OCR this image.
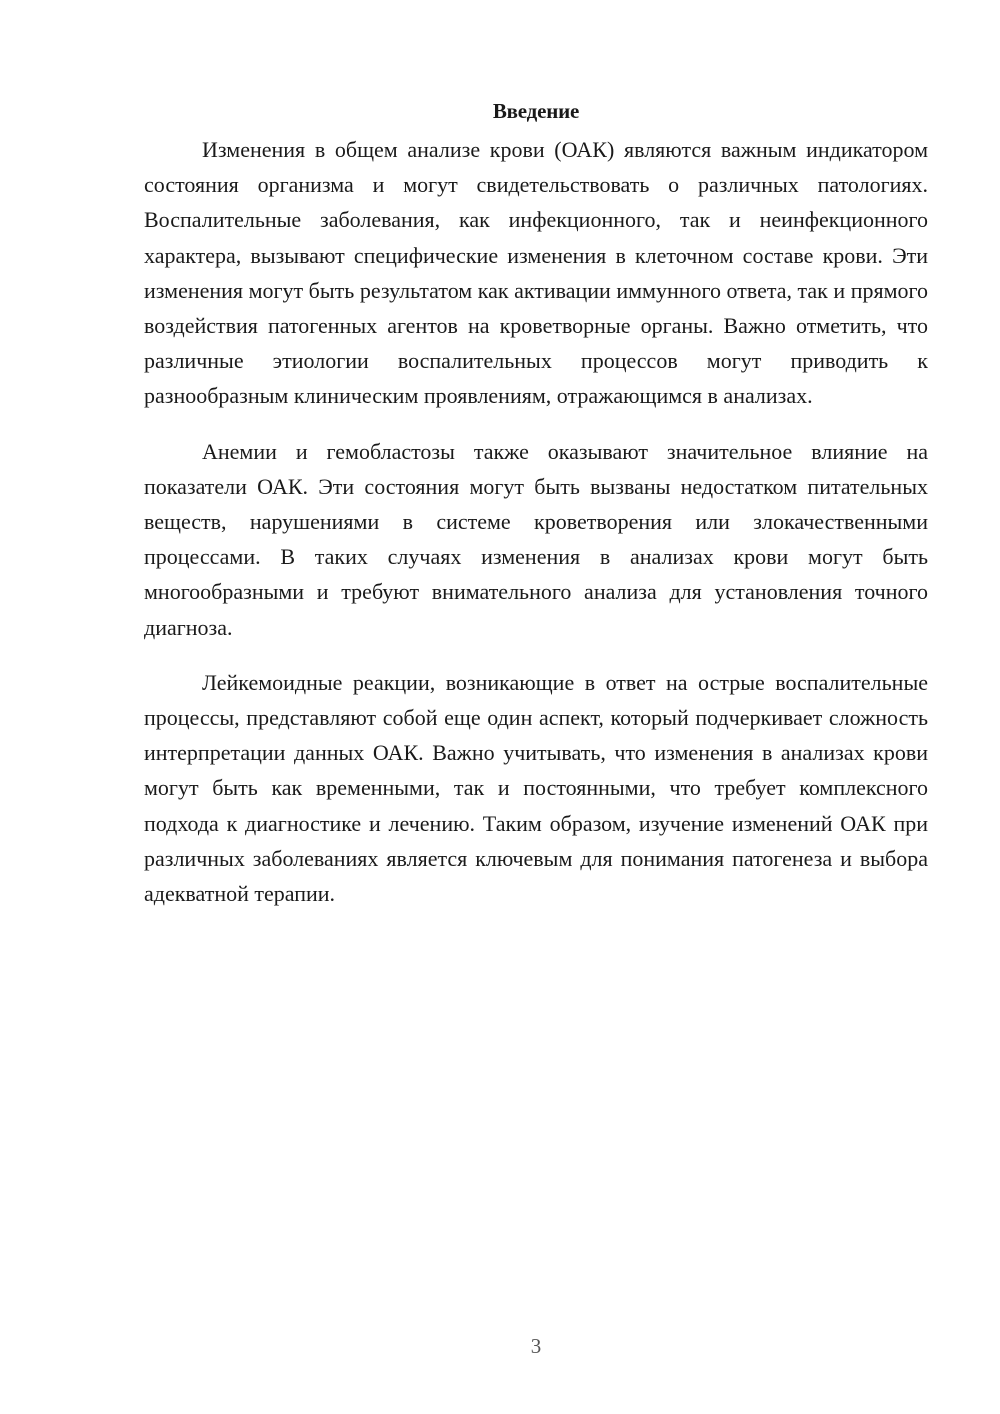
Введение

Изменения в общем анализе крови (ОАК) являются важным индикатором состояния организма и могут свидетельствовать о различных патологиях. Воспалительные заболевания, как инфекционного, так и неинфекционного характера, вызывают специфические изменения в клеточном составе крови. Эти изменения могут быть результатом как активации иммунного ответа, так и прямого воздействия патогенных агентов на кроветворные органы. Важно отметить, что различные этиологии воспалительных процессов могут приводить к разнообразным клиническим проявлениям, отражающимся в анализах.

Анемии и гемобластозы также оказывают значительное влияние на показатели ОАК. Эти состояния могут быть вызваны недостатком питательных веществ, нарушениями в системе кроветворения или злокачественными процессами. В таких случаях изменения в анализах крови могут быть многообразными и требуют внимательного анализа для установления точного диагноза.

Лейкемоидные реакции, возникающие в ответ на острые воспалительные процессы, представляют собой еще один аспект, который подчеркивает сложность интерпретации данных ОАК. Важно учитывать, что изменения в анализах крови могут быть как временными, так и постоянными, что требует комплексного подхода к диагностике и лечению. Таким образом, изучение изменений ОАК при различных заболеваниях является ключевым для понимания патогенеза и выбора адекватной терапии.

3
